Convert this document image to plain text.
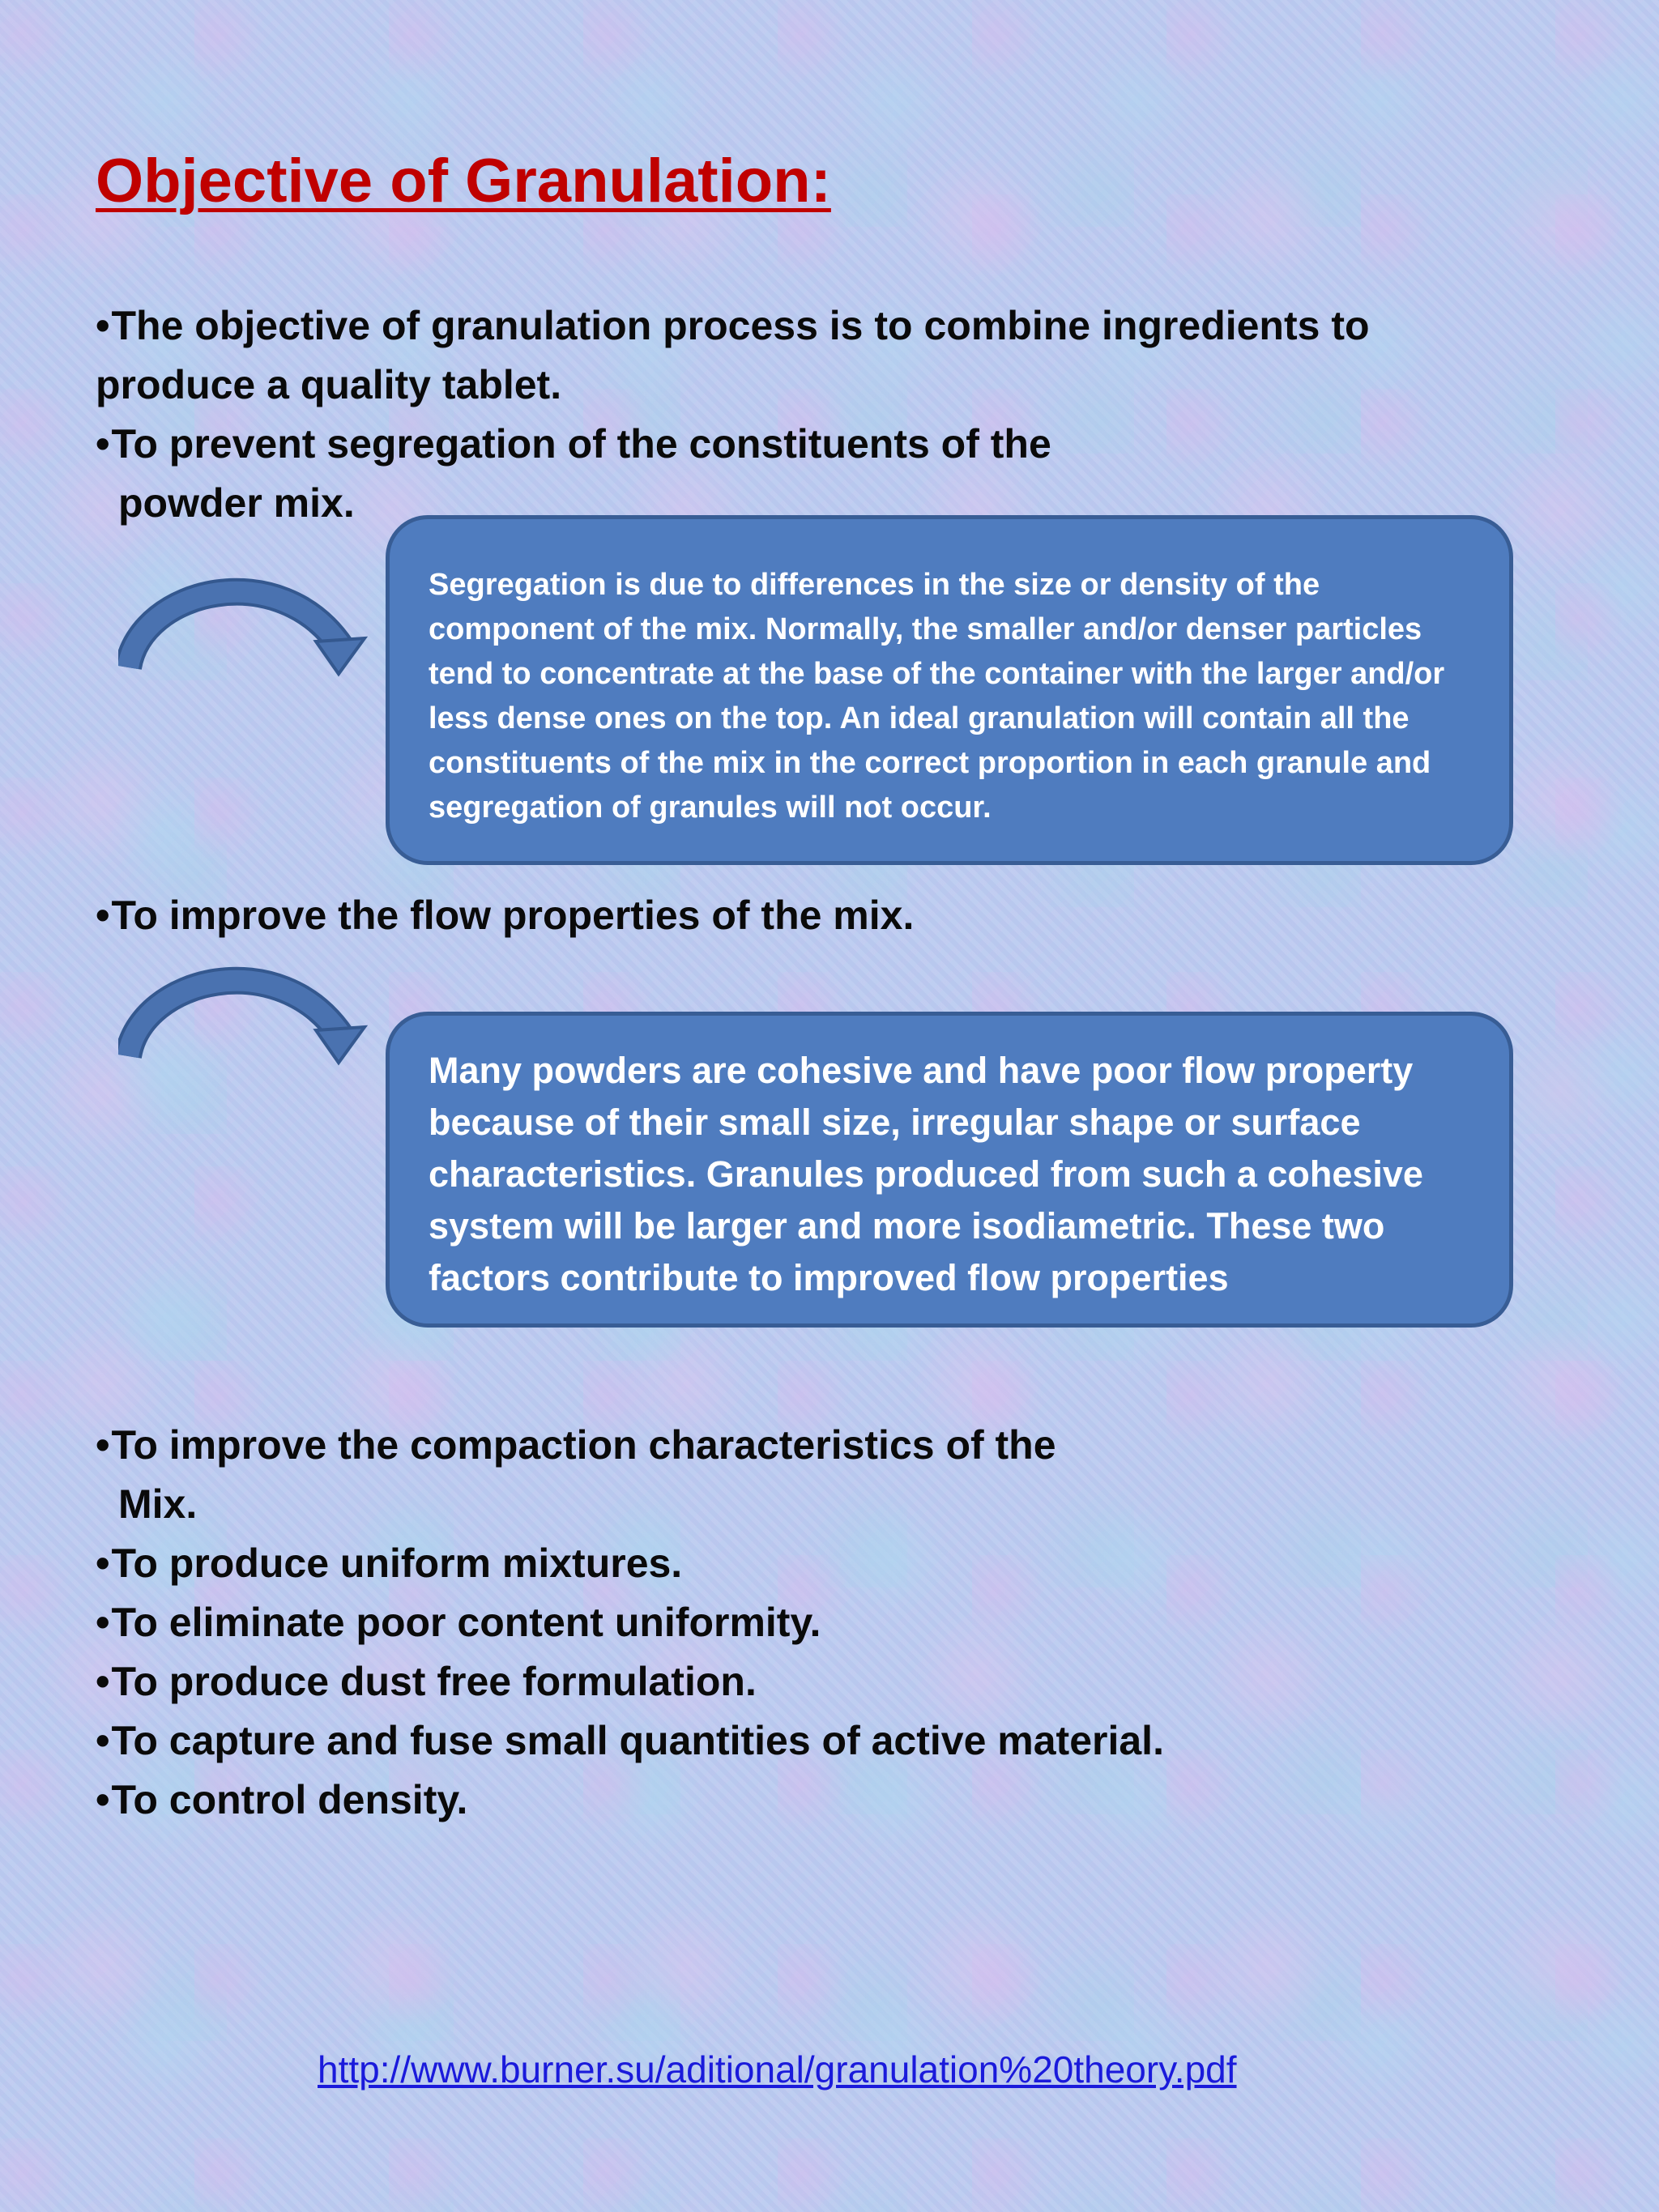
Objective of Granulation:

•The objective of granulation process is to combine ingredients to produce a quality tablet.

•To prevent segregation of the constituents of the
powder mix.

Segregation is due to differences in the size or density of the component of the mix. Normally, the smaller and/or denser particles tend to concentrate at the base of the container with the larger and/or less dense ones on the top. An ideal granulation will contain all the constituents of the mix in the correct proportion in each granule and segregation of granules will not occur.

•To improve the flow properties of the mix.

Many powders are cohesive and have poor flow property because of their small size, irregular shape or surface characteristics. Granules produced from such a cohesive system will be larger and more isodiametric. These two factors contribute to improved flow properties

•To improve the compaction characteristics of the
Mix.

•To produce uniform mixtures.

•To eliminate poor content uniformity.

•To produce dust free formulation.

•To capture and fuse small quantities of active material.

•To control density.

http://www.burner.su/aditional/granulation%20theory.pdf
